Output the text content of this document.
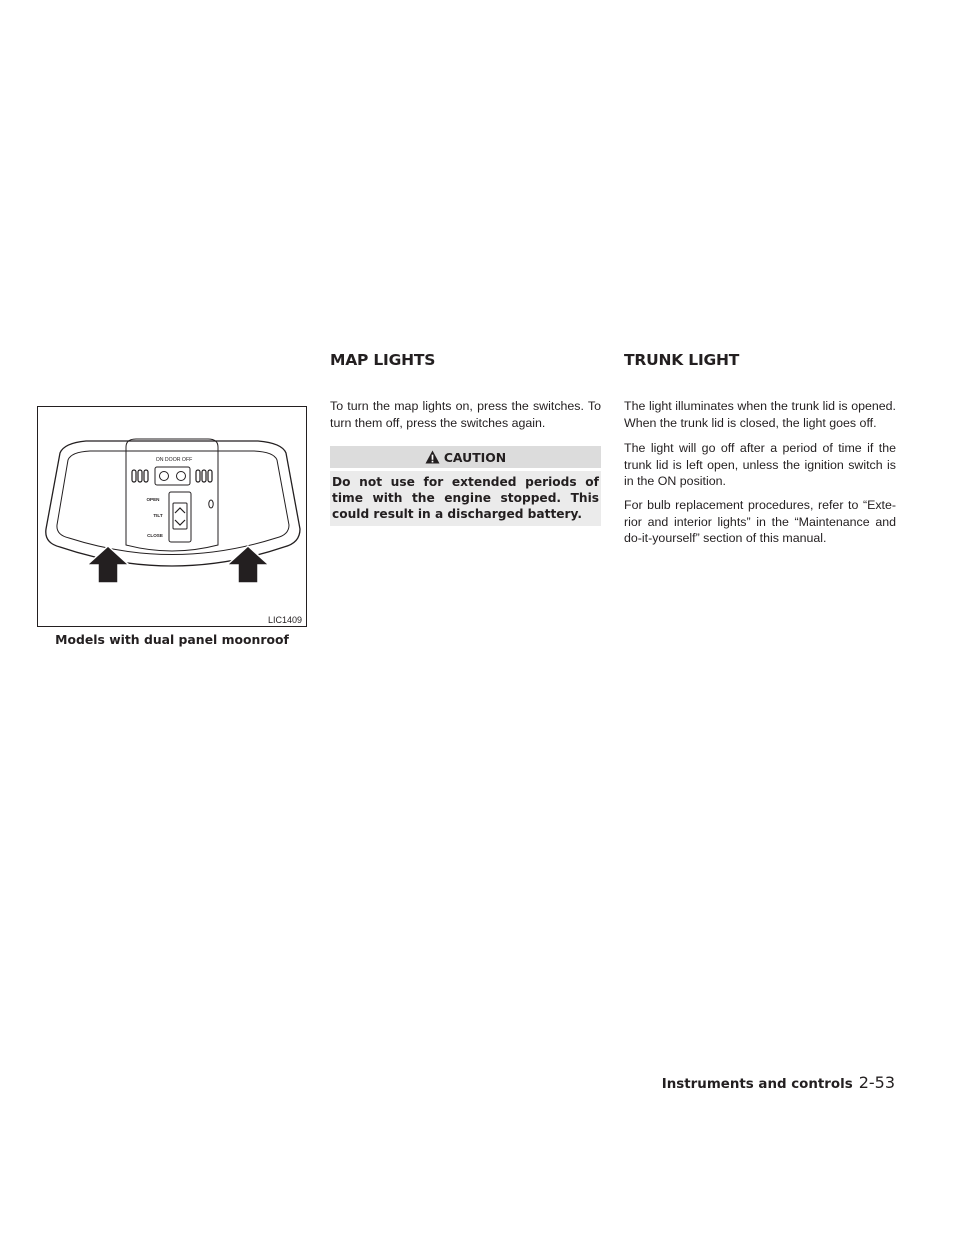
MAP LIGHTS	TRUNK LIGHT
ON DOOR OFF
OPEN
TILT
CLOSE
LIC1409
Models with dual panel moonroof

To turn the map lights on, press the switches. To turn them off, press the switches again.

CAUTION
Do not use for extended periods of time with the engine stopped. This could result in a discharged battery.

The light illuminates when the trunk lid is opened. When the trunk lid is closed, the light goes off.

The light will go off after a period of time if the trunk lid is left open, unless the ignition switch is in the ON position.

For bulb replacement procedures, refer to “Exte- rior and interior lights” in the “Maintenance and do-it-yourself” section of this manual.

Instruments and controls 2-53
